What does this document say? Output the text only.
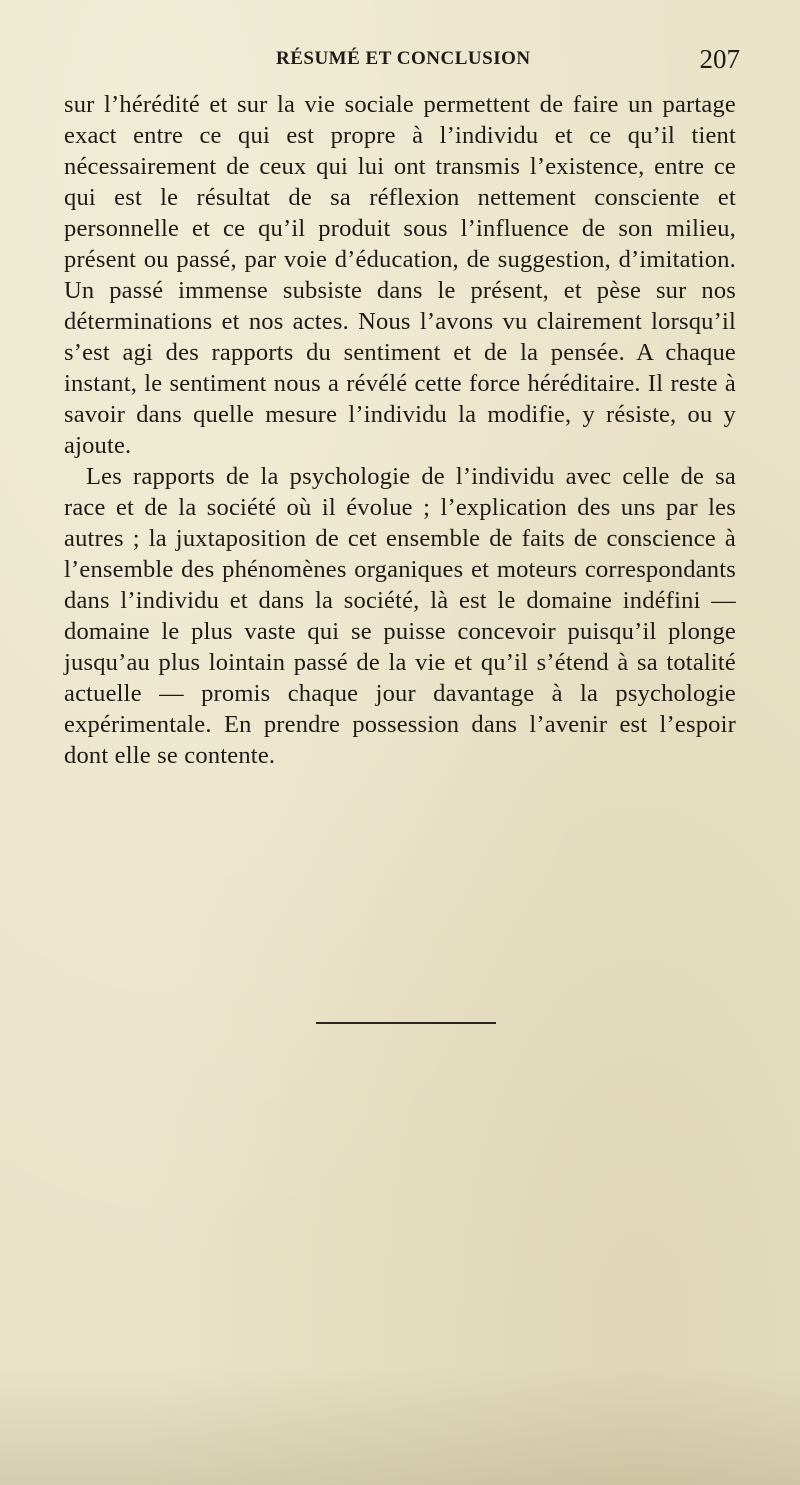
RÉSUMÉ ET CONCLUSION	207

sur l’hérédité et sur la vie sociale permettent de faire un partage exact entre ce qui est propre à l’individu et ce qu’il tient nécessairement de ceux qui lui ont transmis l’existence, entre ce qui est le résultat de sa réflexion nettement consciente et personnelle et ce qu’il produit sous l’influence de son milieu, présent ou passé, par voie d’éducation, de suggestion, d’imitation. Un passé immense subsiste dans le présent, et pèse sur nos déterminations et nos actes. Nous l’avons vu clairement lorsqu’il s’est agi des rapports du sentiment et de la pensée. A chaque instant, le sentiment nous a révélé cette force héréditaire. Il reste à savoir dans quelle mesure l’individu la modifie, y résiste, ou y ajoute.

Les rapports de la psychologie de l’individu avec celle de sa race et de la société où il évolue ; l’explication des uns par les autres ; la juxtaposition de cet ensemble de faits de conscience à l’ensemble des phénomènes organiques et moteurs correspondants dans l’individu et dans la société, là est le domaine indéfini — domaine le plus vaste qui se puisse concevoir puisqu’il plonge jusqu’au plus lointain passé de la vie et qu’il s’étend à sa totalité actuelle — promis chaque jour davantage à la psychologie expérimentale. En prendre possession dans l’avenir est l’espoir dont elle se contente.
